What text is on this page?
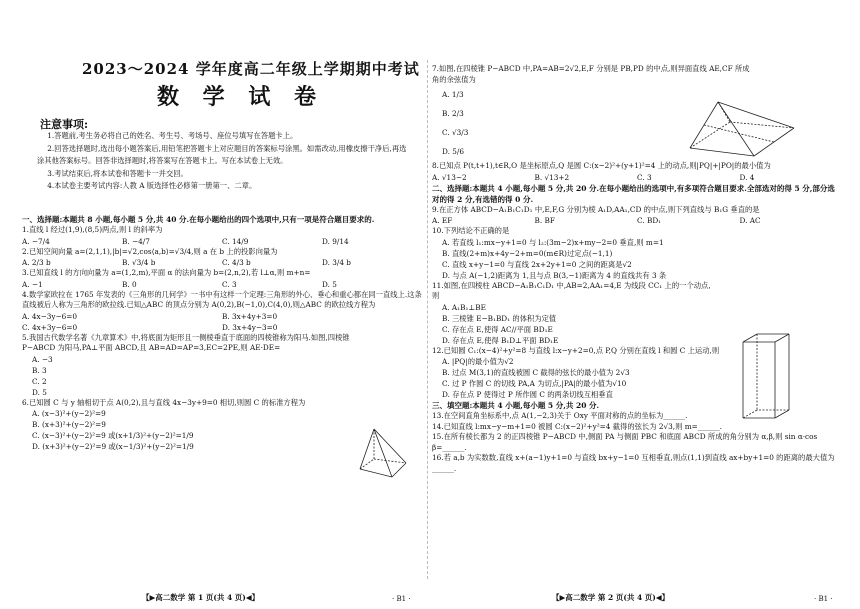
2023～2024 学年度高二年级上学期期中考试
数 学 试 卷
注意事项:
1.答题前,考生务必将自己的姓名、考生号、考场号、座位号填写在答题卡上。
2.回答选择题时,选出每小题答案后,用铅笔把答题卡上对应题目的答案标号涂黑。如需改动,用橡皮擦干净后,再选涂其他答案标号。回答非选择题时,将答案写在答题卡上。写在本试卷上无效。
3.考试结束后,将本试卷和答题卡一并交回。
4.本试卷主要考试内容:人教 A 版选择性必修第一册第一、二章。
一、选择题:本题共 8 小题,每小题 5 分,共 40 分.在每小题给出的四个选项中,只有一项是符合题目要求的.
1.直线 l 经过(1,9),(8,5)两点,则 l 的斜率为
A. −7/4	B. −4/7	C. 14/9	D. 9/14
2.已知空间向量 a=(2,1,1),|b|=√2,cos⟨a,b⟩=√3/4,则 a 在 b 上的投影向量为
A. 2/3 b	B. √3/4 b	C. 4/3 b	D. 3/4 b
3.已知直线 l 的方向向量为 a=(1,2,m),平面 α 的法向量为 b=(2,n,2),若 l⊥α,则 m+n=
A. −1	B. 0	C. 3	D. 5
4.数学家欧拉在 1765 年发表的《三角形的几何学》一书中有这样一个定理:三角形的外心、垂心和重心都在同一直线上.这条直线被后人称为三角形的欧拉线.已知△ABC 的顶点分别为 A(0,2),B(−1,0),C(4,0),则△ABC 的欧拉线方程为
A. 4x−3y−6=0	B. 3x+4y+3=0
C. 4x+3y−6=0	D. 3x+4y−3=0
5.我国古代数学名著《九章算术》中,将底面为矩形且一侧棱垂直于底面的四棱锥称为阳马.如图,四棱锥 P−ABCD 为阳马,PA⊥平面 ABCD,且 AB=AD=AP=3,EC=2PE,则 AE·DE=
A. −3
B. 3
C. 2
D. 5
6.已知圆 C 与 y 轴相切于点 A(0,2),且与直线 4x−3y+9=0 相切,则圆 C 的标准方程为
A. (x−3)²+(y−2)²=9
B. (x+3)²+(y−2)²=9
C. (x−3)²+(y−2)²=9 或(x+1/3)²+(y−2)²=1/9
D. (x+3)²+(y−2)²=9 或(x−1/3)²+(y−2)²=1/9
【▶高二数学 第 1 页(共 4 页)◀】	· B1 ·
7.如图,在四棱锥 P−ABCD 中,PA=AB=2√2,E,F 分别是 PB,PD 的中点,则异面直线 AE,CF 所成角的余弦值为
A. 1/3
B. 2/3
C. √3/3
D. 5/6
8.已知点 P(t,t+1),t∈R,O 是坐标原点,Q 是圆 C:(x−2)²+(y+1)²=4 上的动点,则|PQ|+|PO|的最小值为
A. √13−2	B. √13+2	C. 3	D. 4
二、选择题:本题共 4 小题,每小题 5 分,共 20 分.在每小题给出的选项中,有多项符合题目要求.全部选对的得 5 分,部分选对的得 2 分,有选错的得 0 分.
9.在正方体 ABCD−A₁B₁C₁D₁ 中,E,F,G 分别为棱 A₁D,AA₁,CD 的中点,则下列直线与 B₁G 垂直的是
A. EF	B. BF	C. BD₁	D. AC
10.下列结论不正确的是
A. 若直线 l₁:mx−y+1=0 与 l₂:(3m−2)x+my−2=0 垂直,则 m=1
B. 直线(2+m)x+4y−2+m=0(m∈R)过定点(−1,1)
C. 直线 x+y−1=0 与直线 2x+2y+1=0 之间的距离是√2
D. 与点 A(−1,2)距离为 1,且与点 B(3,−1)距离为 4 的直线共有 3 条
11.如图,在四棱柱 ABCD−A₁B₁C₁D₁ 中,AB=2,AA₁=4,E 为线段 CC₁ 上的一个动点,则
A. A₁B₁⊥BE
B. 三棱锥 E−B₁BD₁ 的体积为定值
C. 存在点 E,使得 AC//平面 BD₁E
D. 存在点 E,使得 B₁D⊥平面 BD₁E
12.已知圆 C₁:(x−4)²+y²=8 与直线 l:x−y+2=0,点 P,Q 分别在直线 l 和圆 C 上运动,则
A. |PQ|的最小值为√2
B. 过点 M(3,1)的直线被圆 C 截得的弦长的最小值为 2√3
C. 过 P 作圆 C 的切线 PA,A 为切点,|PA|的最小值为√10
D. 存在点 P 使得过 P 所作圆 C 的两条切线互相垂直
三、填空题:本题共 4 小题,每小题 5 分,共 20 分.
13.在空间直角坐标系中,点 A(1,−2,3)关于 Oxy 平面对称的点的坐标为______.
14.已知直线 l:mx−y−m+1=0 被圆 C:(x−2)²+y²=4 截得的弦长为 2√3,则 m=______.
15.在所有棱长都为 2 的正四棱锥 P−ABCD 中,侧面 PA 与侧面 PBC 和底面 ABCD 所成的角分别为 α,β,则 sin α·cos β=______.
16.若 a,b 为实数数,直线 x+(a−1)y+1=0 与直线 bx+y−1=0 互相垂直,则点(1,1)到直线 ax+by+1=0 的距离的最大值为______.
【▶高二数学 第 2 页(共 4 页)◀】	· B1 ·
